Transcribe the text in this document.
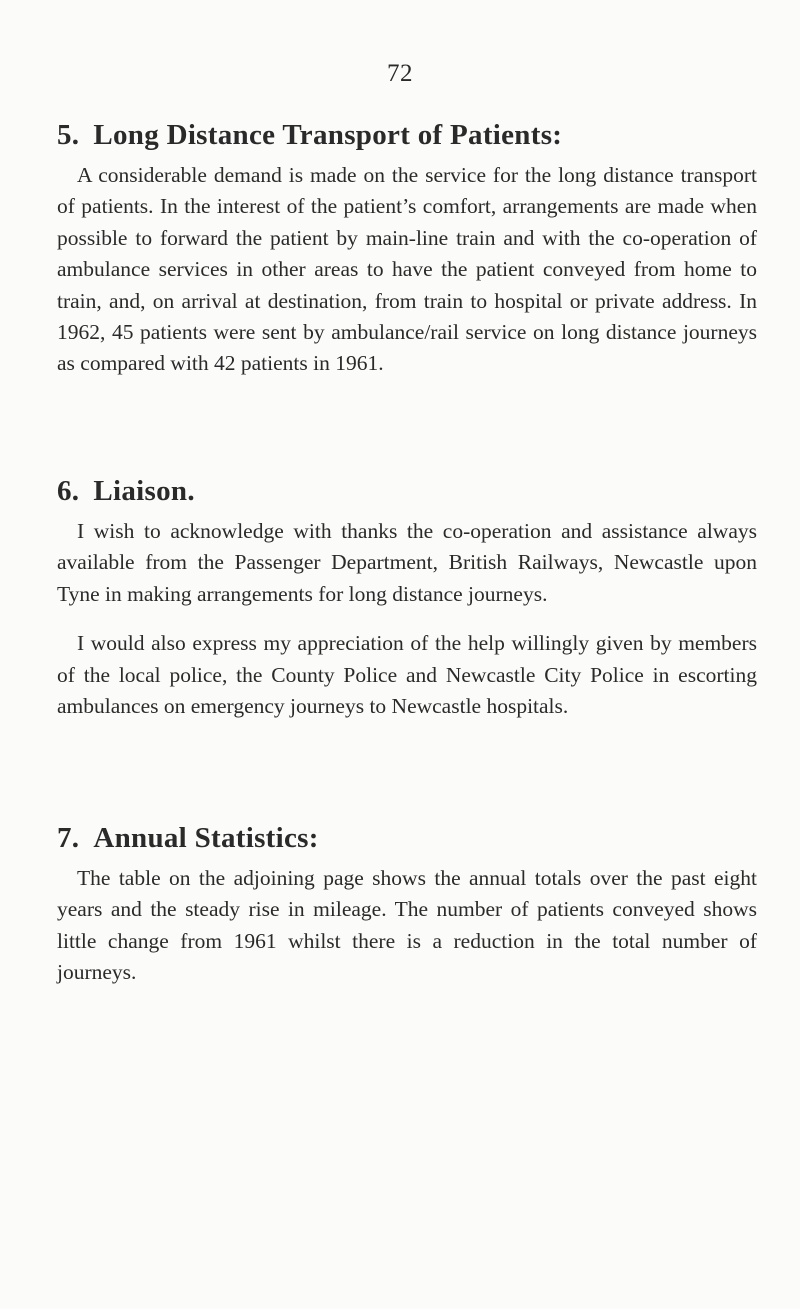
72
5. Long Distance Transport of Patients:

A considerable demand is made on the service for the long distance transport of patients. In the interest of the patient’s comfort, arrangements are made when possible to forward the patient by main-line train and with the co-operation of ambulance services in other areas to have the patient conveyed from home to train, and, on arrival at destination, from train to hospital or private address. In 1962, 45 patients were sent by ambulance/rail service on long distance journeys as compared with 42 patients in 1961.

6. Liaison.

I wish to acknowledge with thanks the co-operation and assistance always available from the Passenger Department, British Railways, Newcastle upon Tyne in making arrangements for long distance journeys.

I would also express my appreciation of the help willingly given by members of the local police, the County Police and Newcastle City Police in escorting ambulances on emergency journeys to Newcastle hospitals.

7. Annual Statistics:

The table on the adjoining page shows the annual totals over the past eight years and the steady rise in mileage. The number of patients conveyed shows little change from 1961 whilst there is a reduction in the total number of journeys.
